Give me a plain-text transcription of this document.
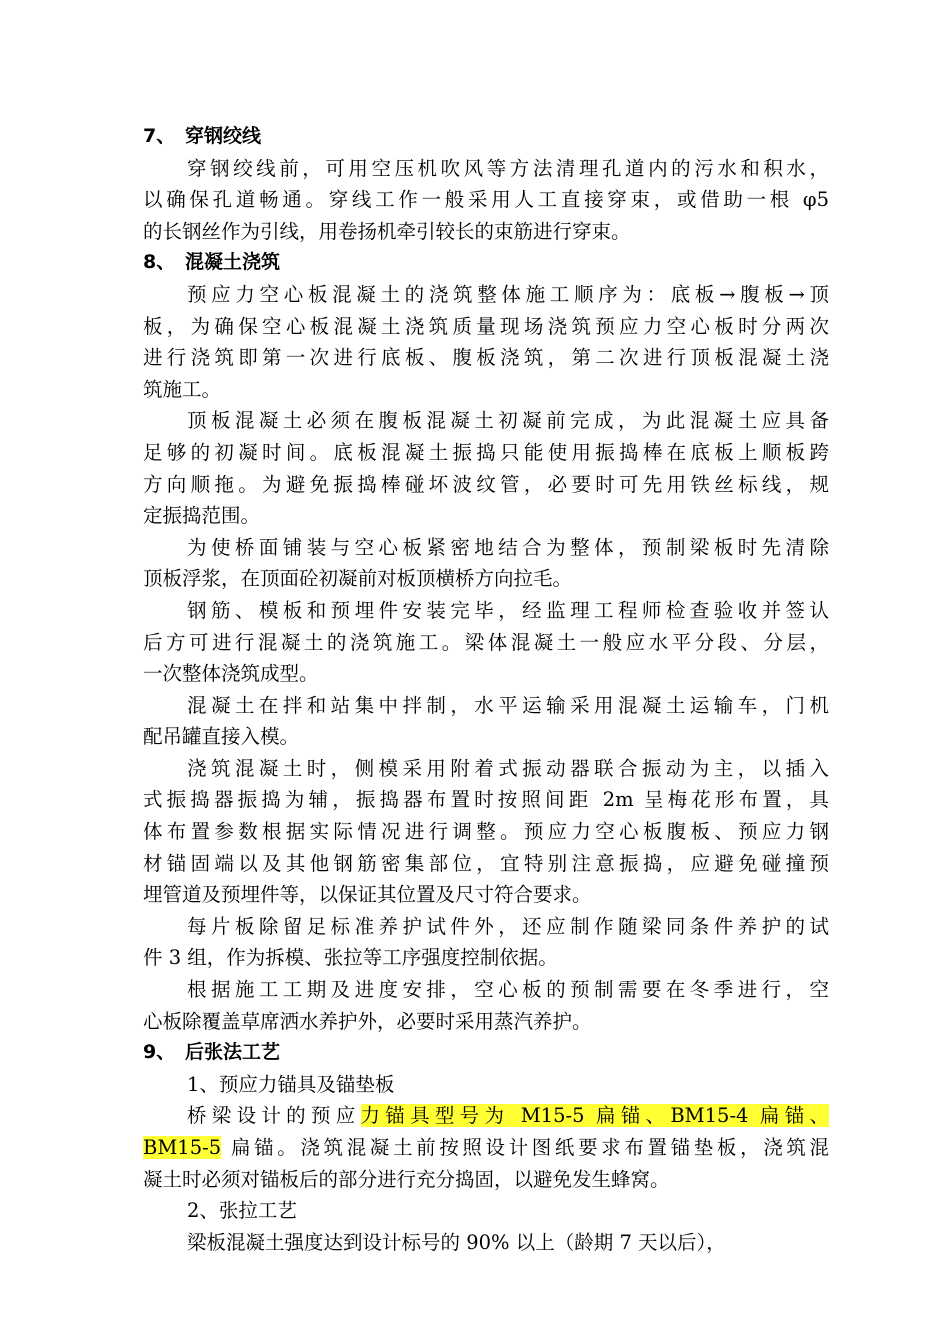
7、 穿钢绞线
穿钢绞线前，可用空压机吹风等方法清理孔道内的污水和积水，
以确保孔道畅通。穿线工作一般采用人工直接穿束，或借助一根 φ5
的长钢丝作为引线，用卷扬机牵引较长的束筋进行穿束。
8、 混凝土浇筑
预应力空心板混凝土的浇筑整体施工顺序为：底板→腹板→顶
板，为确保空心板混凝土浇筑质量现场浇筑预应力空心板时分两次
进行浇筑即第一次进行底板、腹板浇筑，第二次进行顶板混凝土浇
筑施工。
顶板混凝土必须在腹板混凝土初凝前完成，为此混凝土应具备
足够的初凝时间。底板混凝土振捣只能使用振捣棒在底板上顺板跨
方向顺拖。为避免振捣棒碰坏波纹管，必要时可先用铁丝标线，规
定振捣范围。
为使桥面铺装与空心板紧密地结合为整体，预制梁板时先清除
顶板浮浆，在顶面砼初凝前对板顶横桥方向拉毛。
钢筋、模板和预埋件安装完毕，经监理工程师检查验收并签认
后方可进行混凝土的浇筑施工。梁体混凝土一般应水平分段、分层，
一次整体浇筑成型。
混凝土在拌和站集中拌制，水平运输采用混凝土运输车，门机
配吊罐直接入模。
浇筑混凝土时，侧模采用附着式振动器联合振动为主，以插入
式振捣器振捣为辅，振捣器布置时按照间距 2m 呈梅花形布置，具
体布置参数根据实际情况进行调整。预应力空心板腹板、预应力钢
材锚固端以及其他钢筋密集部位，宜特别注意振捣，应避免碰撞预
埋管道及预埋件等，以保证其位置及尺寸符合要求。
每片板除留足标准养护试件外，还应制作随梁同条件养护的试
件 3 组，作为拆模、张拉等工序强度控制依据。
根据施工工期及进度安排，空心板的预制需要在冬季进行，空
心板除覆盖草席洒水养护外，必要时采用蒸汽养护。
9、 后张法工艺
1、预应力锚具及锚垫板
桥梁设计的预应力锚具型号为 M15-5 扁锚、BM15-4 扁锚、
BM15-5 扁锚。浇筑混凝土前按照设计图纸要求布置锚垫板，浇筑混
凝土时必须对锚板后的部分进行充分捣固，以避免发生蜂窝。
2、张拉工艺
梁板混凝土强度达到设计标号的 90% 以上（龄期 7 天以后），
